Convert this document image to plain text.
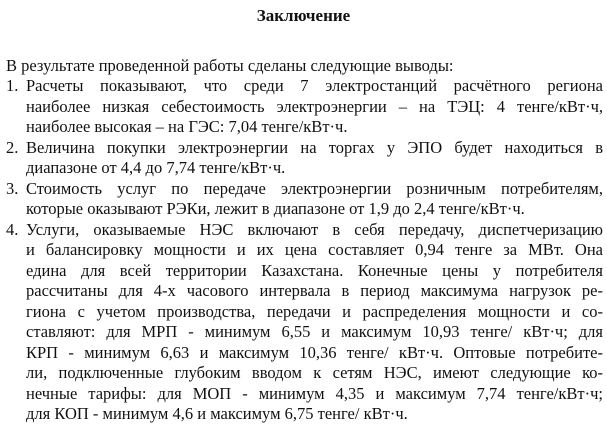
Заключение
В результате проведенной работы сделаны следующие выводы:
1. Расчеты показывают, что среди 7 электростанций расчётного региона
наиболее низкая себестоимость электроэнергии – на ТЭЦ: 4 тенге/кВт·ч,
наиболее высокая – на ГЭС: 7,04 тенге/кВт·ч.
2. Величина покупки электроэнергии на торгах у ЭПО будет находиться в
диапазоне от 4,4 до 7,74 тенге/кВт·ч.
3. Стоимость услуг по передаче электроэнергии розничным потребителям,
которые оказывают РЭКи, лежит в диапазоне от 1,9 до 2,4 тенге/кВт·ч.
4. Услуги, оказываемые НЭС включают в себя передачу, диспетчеризацию
и балансировку мощности и их цена составляет 0,94 тенге за МВт. Она
едина для всей территории Казахстана. Конечные цены у потребителя
рассчитаны для 4-х часового интервала в период максимума нагрузок ре-
гиона с учетом производства, передачи и распределения мощности и со-
ставляют: для МРП - минимум 6,55 и максимум 10,93 тенге/ кВт·ч; для
КРП - минимум 6,63 и максимум 10,36 тенге/ кВт·ч. Оптовые потребите-
ли, подключенные глубоким вводом к сетям НЭС, имеют следующие ко-
нечные тарифы: для МОП - минимум 4,35 и максимум 7,74 тенге/кВт·ч;
для КОП - минимум 4,6 и максимум 6,75 тенге/ кВт·ч.
